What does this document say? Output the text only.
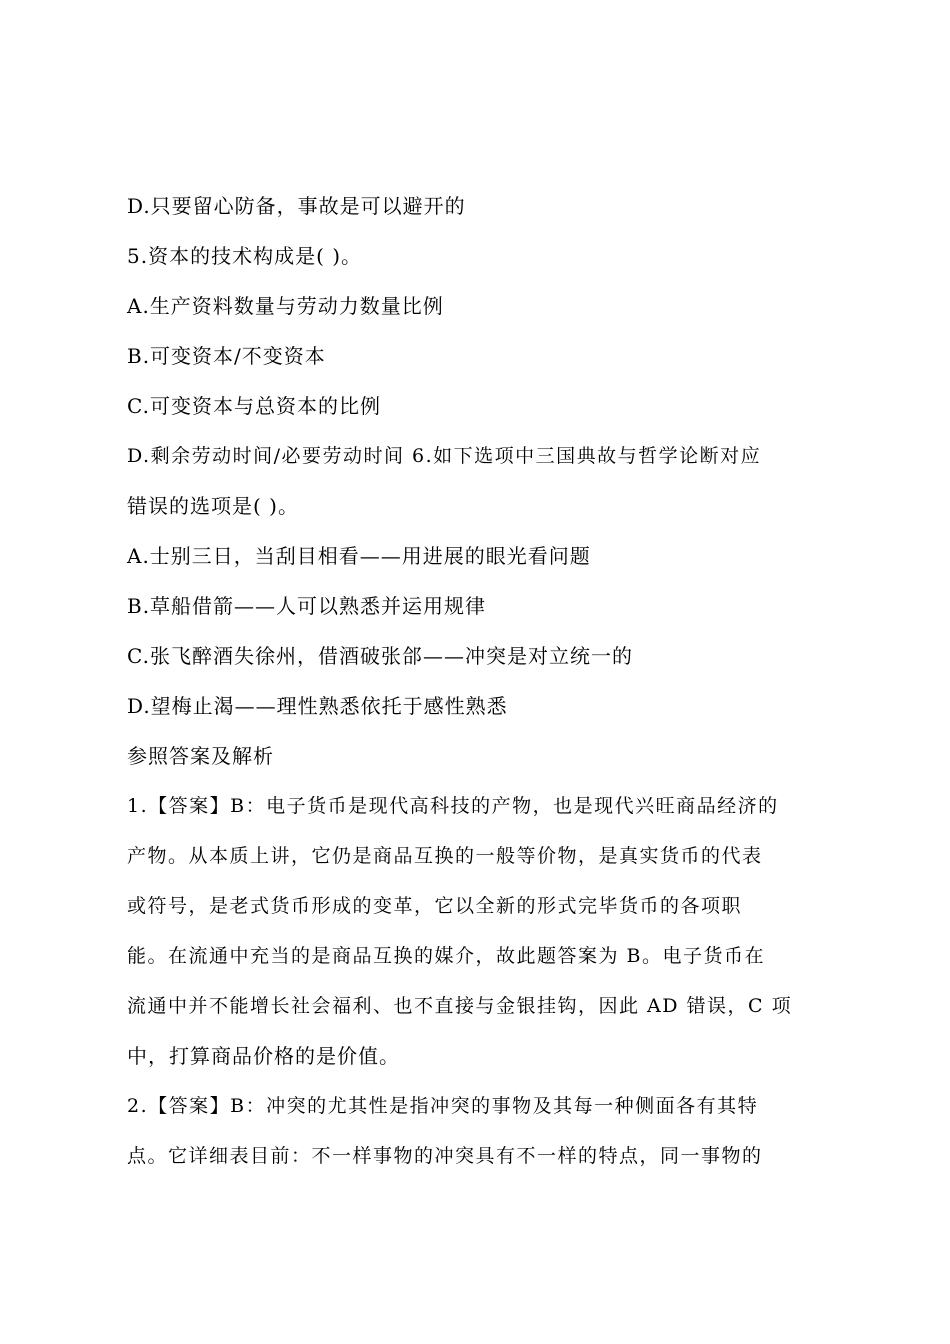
D.只要留心防备，事故是可以避开的
5.资本的技术构成是( )。
A.生产资料数量与劳动力数量比例
B.可变资本/不变资本
C.可变资本与总资本的比例
D.剩余劳动时间/必要劳动时间 6.如下选项中三国典故与哲学论断对应
错误的选项是( )。
A.士别三日，当刮目相看——用进展的眼光看问题
B.草船借箭——人可以熟悉并运用规律
C.张飞醉酒失徐州，借酒破张郃——冲突是对立统一的
D.望梅止渴——理性熟悉依托于感性熟悉
参照答案及解析
1.【答案】B：电子货币是现代高科技的产物，也是现代兴旺商品经济的
产物。从本质上讲，它仍是商品互换的一般等价物，是真实货币的代表
或符号，是老式货币形成的变革，它以全新的形式完毕货币的各项职
能。在流通中充当的是商品互换的媒介，故此题答案为 B。电子货币在
流通中并不能增长社会福利、也不直接与金银挂钩，因此 AD 错误，C 项
中，打算商品价格的是价值。
2.【答案】B：冲突的尤其性是指冲突的事物及其每一种侧面各有其特
点。它详细表目前：不一样事物的冲突具有不一样的特点，同一事物的
